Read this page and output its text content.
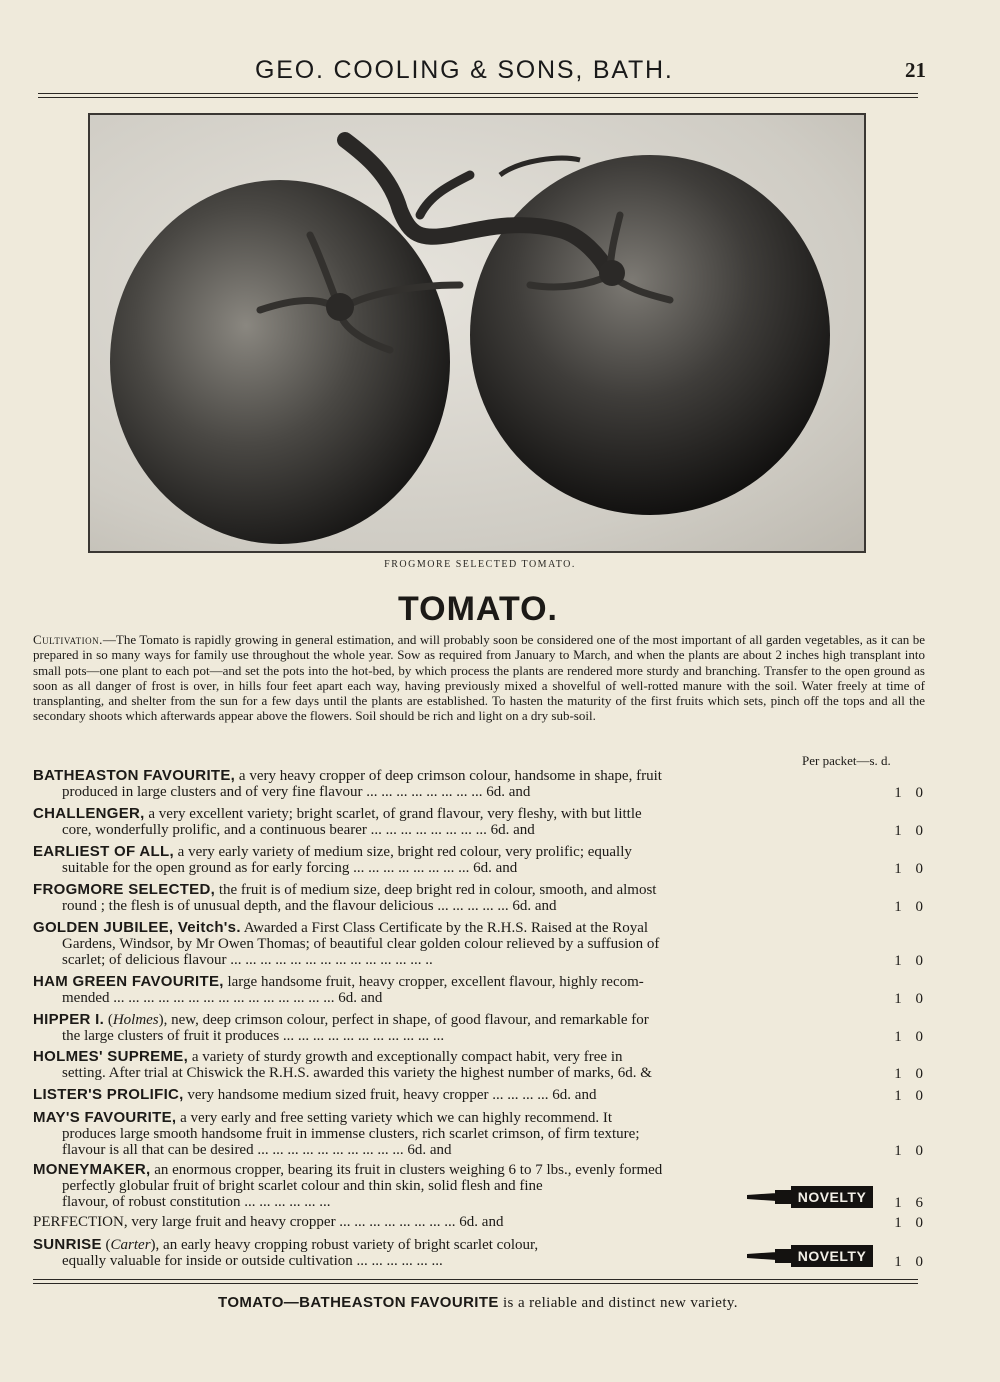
GEO. COOLING & SONS, BATH.	21
FROGMORE SELECTED TOMATO.
TOMATO.
Cultivation.—The Tomato is rapidly growing in general estimation, and will probably soon be considered one of the most important of all garden vegetables, as it can be prepared in so many ways for family use throughout the whole year. Sow as required from January to March, and when the plants are about 2 inches high transplant into small pots—one plant to each pot—and set the pots into the hot-bed, by which process the plants are rendered more sturdy and branching. Transfer to the open ground as soon as all danger of frost is over, in hills four feet apart each way, having previously mixed a shovelful of well-rotted manure with the soil. Water freely at time of transplanting, and shelter from the sun for a few days until the plants are established. To hasten the maturity of the first fruits which sets, pinch off the tops and all the secondary shoots which afterwards appear above the flowers. Soil should be rich and light on a dry sub-soil.
Per packet—s. d.
BATHEASTON FAVOURITE, a very heavy cropper of deep crimson colour, handsome in shape, fruit
produced in large clusters and of very fine flavour ... ... ... ... ... ... ... ... 6d. and	1 0
CHALLENGER, a very excellent variety; bright scarlet, of grand flavour, very fleshy, with but little
core, wonderfully prolific, and a continuous bearer ... ... ... ... ... ... ... ... 6d. and	1 0
EARLIEST OF ALL, a very early variety of medium size, bright red colour, very prolific; equally
suitable for the open ground as for early forcing ... ... ... ... ... ... ... ... 6d. and	1 0
FROGMORE SELECTED, the fruit is of medium size, deep bright red in colour, smooth, and almost
round ; the flesh is of unusual depth, and the flavour delicious ... ... ... ... ... 6d. and	1 0
GOLDEN JUBILEE, Veitch's. Awarded a First Class Certificate by the R.H.S. Raised at the Royal
Gardens, Windsor, by Mr Owen Thomas; of beautiful clear golden colour relieved by a suffusion of
scarlet; of delicious flavour ... ... ... ... ... ... ... ... ... ... ... ... ... ..	1 0
HAM GREEN FAVOURITE, large handsome fruit, heavy cropper, excellent flavour, highly recom-
mended ... ... ... ... ... ... ... ... ... ... ... ... ... ... ... 6d. and	1 0
HIPPER I. (Holmes), new, deep crimson colour, perfect in shape, of good flavour, and remarkable for
the large clusters of fruit it produces ... ... ... ... ... ... ... ... ... ... ...	1 0
HOLMES' SUPREME, a variety of sturdy growth and exceptionally compact habit, very free in
setting. After trial at Chiswick the R.H.S. awarded this variety the highest number of marks, 6d. &	1 0
LISTER'S PROLIFIC, very handsome medium sized fruit, heavy cropper ... ... ... ... 6d. and	1 0
MAY'S FAVOURITE, a very early and free setting variety which we can highly recommend. It
produces large smooth handsome fruit in immense clusters, rich scarlet crimson, of firm texture;
flavour is all that can be desired ... ... ... ... ... ... ... ... ... ... 6d. and	1 0
MONEYMAKER, an enormous cropper, bearing its fruit in clusters weighing 6 to 7 lbs., evenly formed
perfectly globular fruit of bright scarlet colour and thin skin, solid flesh and fine
flavour, of robust constitution ... ... ... ... ... ...	NOVELTY	1 6
PERFECTION, very large fruit and heavy cropper ... ... ... ... ... ... ... ... 6d. and	1 0
SUNRISE (Carter), an early heavy cropping robust variety of bright scarlet colour,
equally valuable for inside or outside cultivation ... ... ... ... ... ...	NOVELTY	1 0
TOMATO—BATHEASTON FAVOURITE is a reliable and distinct new variety.
